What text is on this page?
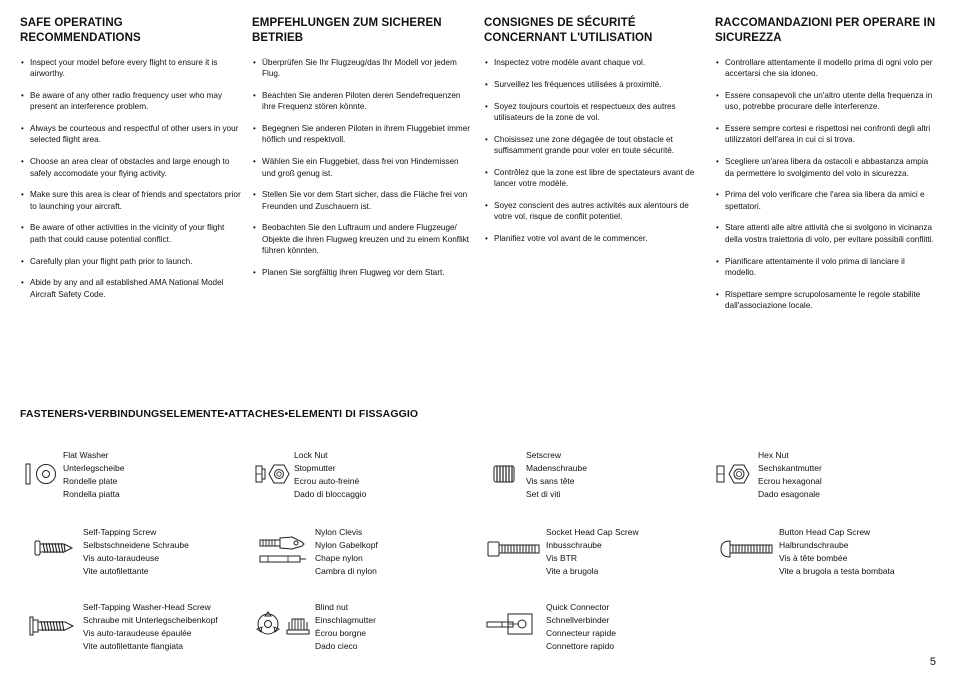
SAFE OPERATING RECOMMENDATIONS
• Inspect your model before every flight to ensure it is airworthy.
• Be aware of any other radio frequency user who may present an interference problem.
• Always be courteous and respectful of other users in your selected flight area.
• Choose an area clear of obstacles and large enough to safely accomodate your flying activity.
• Make sure this area is clear of friends and spectators prior to launching your aircraft.
• Be aware of other activities in the vicinity of your flight path that could cause potential conflict.
• Carefully plan your flight path prior to launch.
• Abide by any and all established AMA National Model Aircraft Safety Code.
EMPFEHLUNGEN ZUM SICHEREN BETRIEB
• Überprüfen Sie Ihr Flugzeug/das Ihr Modell vor jedem Flug.
• Beachten Sie anderen Piloten deren Sendefrequenzen ihre Frequenz stören könnte.
• Begegnen Sie anderen Piloten in ihrem Fluggebiet immer höflich und respektvoll.
• Wählen Sie ein Fluggebiet, dass frei von Hindernissen und groß genug ist.
• Stellen Sie vor dem Start sicher, dass die Fläche frei von Freunden und Zuschauern ist.
• Beobachten Sie den Luftraum und andere Flugzeuge/ Objekte die ihren Flugweg kreuzen und zu einem Konflikt führen könnten.
• Planen Sie sorgfältig ihren Flugweg vor dem Start.
CONSIGNES DE SÉCURITÉ CONCERNANT L'UTILISATION
• Inspectez votre modèle avant chaque vol.
• Surveillez les fréquences utilisées à proximité.
• Soyez toujours courtois et respectueux des autres utilisateurs de la zone de vol.
• Choisissez une zone dégagée de tout obstacle et suffisamment grande pour voler en toute sécurité.
• Contrôlez que la zone est libre de spectateurs avant de lancer votre modèle.
• Soyez conscient des autres activités aux alentours de votre vol, risque de conflit potentiel.
• Planifiez votre vol avant de le commencer.
RACCOMANDAZIONI PER OPERARE IN SICUREZZA
• Controllare attentamente il modello prima di ogni volo per accertarsi che sia idoneo.
• Essere consapevoli che un'altro utente della frequenza in uso, potrebbe procurare delle interferenze.
• Essere sempre cortesi e rispettosi nei confronti degli altri utilizzatori dell'area in cui ci si trova.
• Scegliere un'area libera da ostacoli e abbastanza ampia da permettere lo svolgimento del volo in sicurezza.
• Prima del volo verificare che l'area sia libera da amici e spettatori.
• Stare attenti alle altre attività che si svolgono in vicinanza della vostra traiettoria di volo, per evitare possibili conflitti.
• Pianificare attentamente il volo prima di lanciare il modello.
• Rispettare sempre scrupolosamente le regole stabilite dall'associazione locale.
FASTENERS•VERBINDUNGSELEMENTE•ATTACHES•ELEMENTI DI FISSAGGIO
Flat Washer
Unterlegscheibe
Rondelle plate
Rondella piatta
Lock Nut
Stopmutter
Ecrou auto-freiné
Dado di bloccaggio
Setscrew
Madenschraube
Vis sans tête
Set di viti
Hex Nut
Sechskantmutter
Ecrou hexagonal
Dado esagonale
Self-Tapping Screw
Selbstschneidene Schraube
Vis auto-taraudeuse
Vite autofilettante
Nylon Clevis
Nylon Gabelkopf
Chape nylon
Cambra di nylon
Socket Head Cap Screw
Inbusschraube
Vis BTR
Vite a brugola
Button Head Cap Screw
Halbrundschraube
Vis à tête bombée
Vite a brugola a testa bombata
Self-Tapping Washer-Head Screw
Schraube mit Unterlegscheibenkopf
Vis auto-taraudeuse épaulée
Vite autofilettante flangiata
Blind nut
Einschlagmutter
Écrou borgne
Dado cieco
Quick Connector
Schnellverbinder
Connecteur rapide
Connettore rapido
5
